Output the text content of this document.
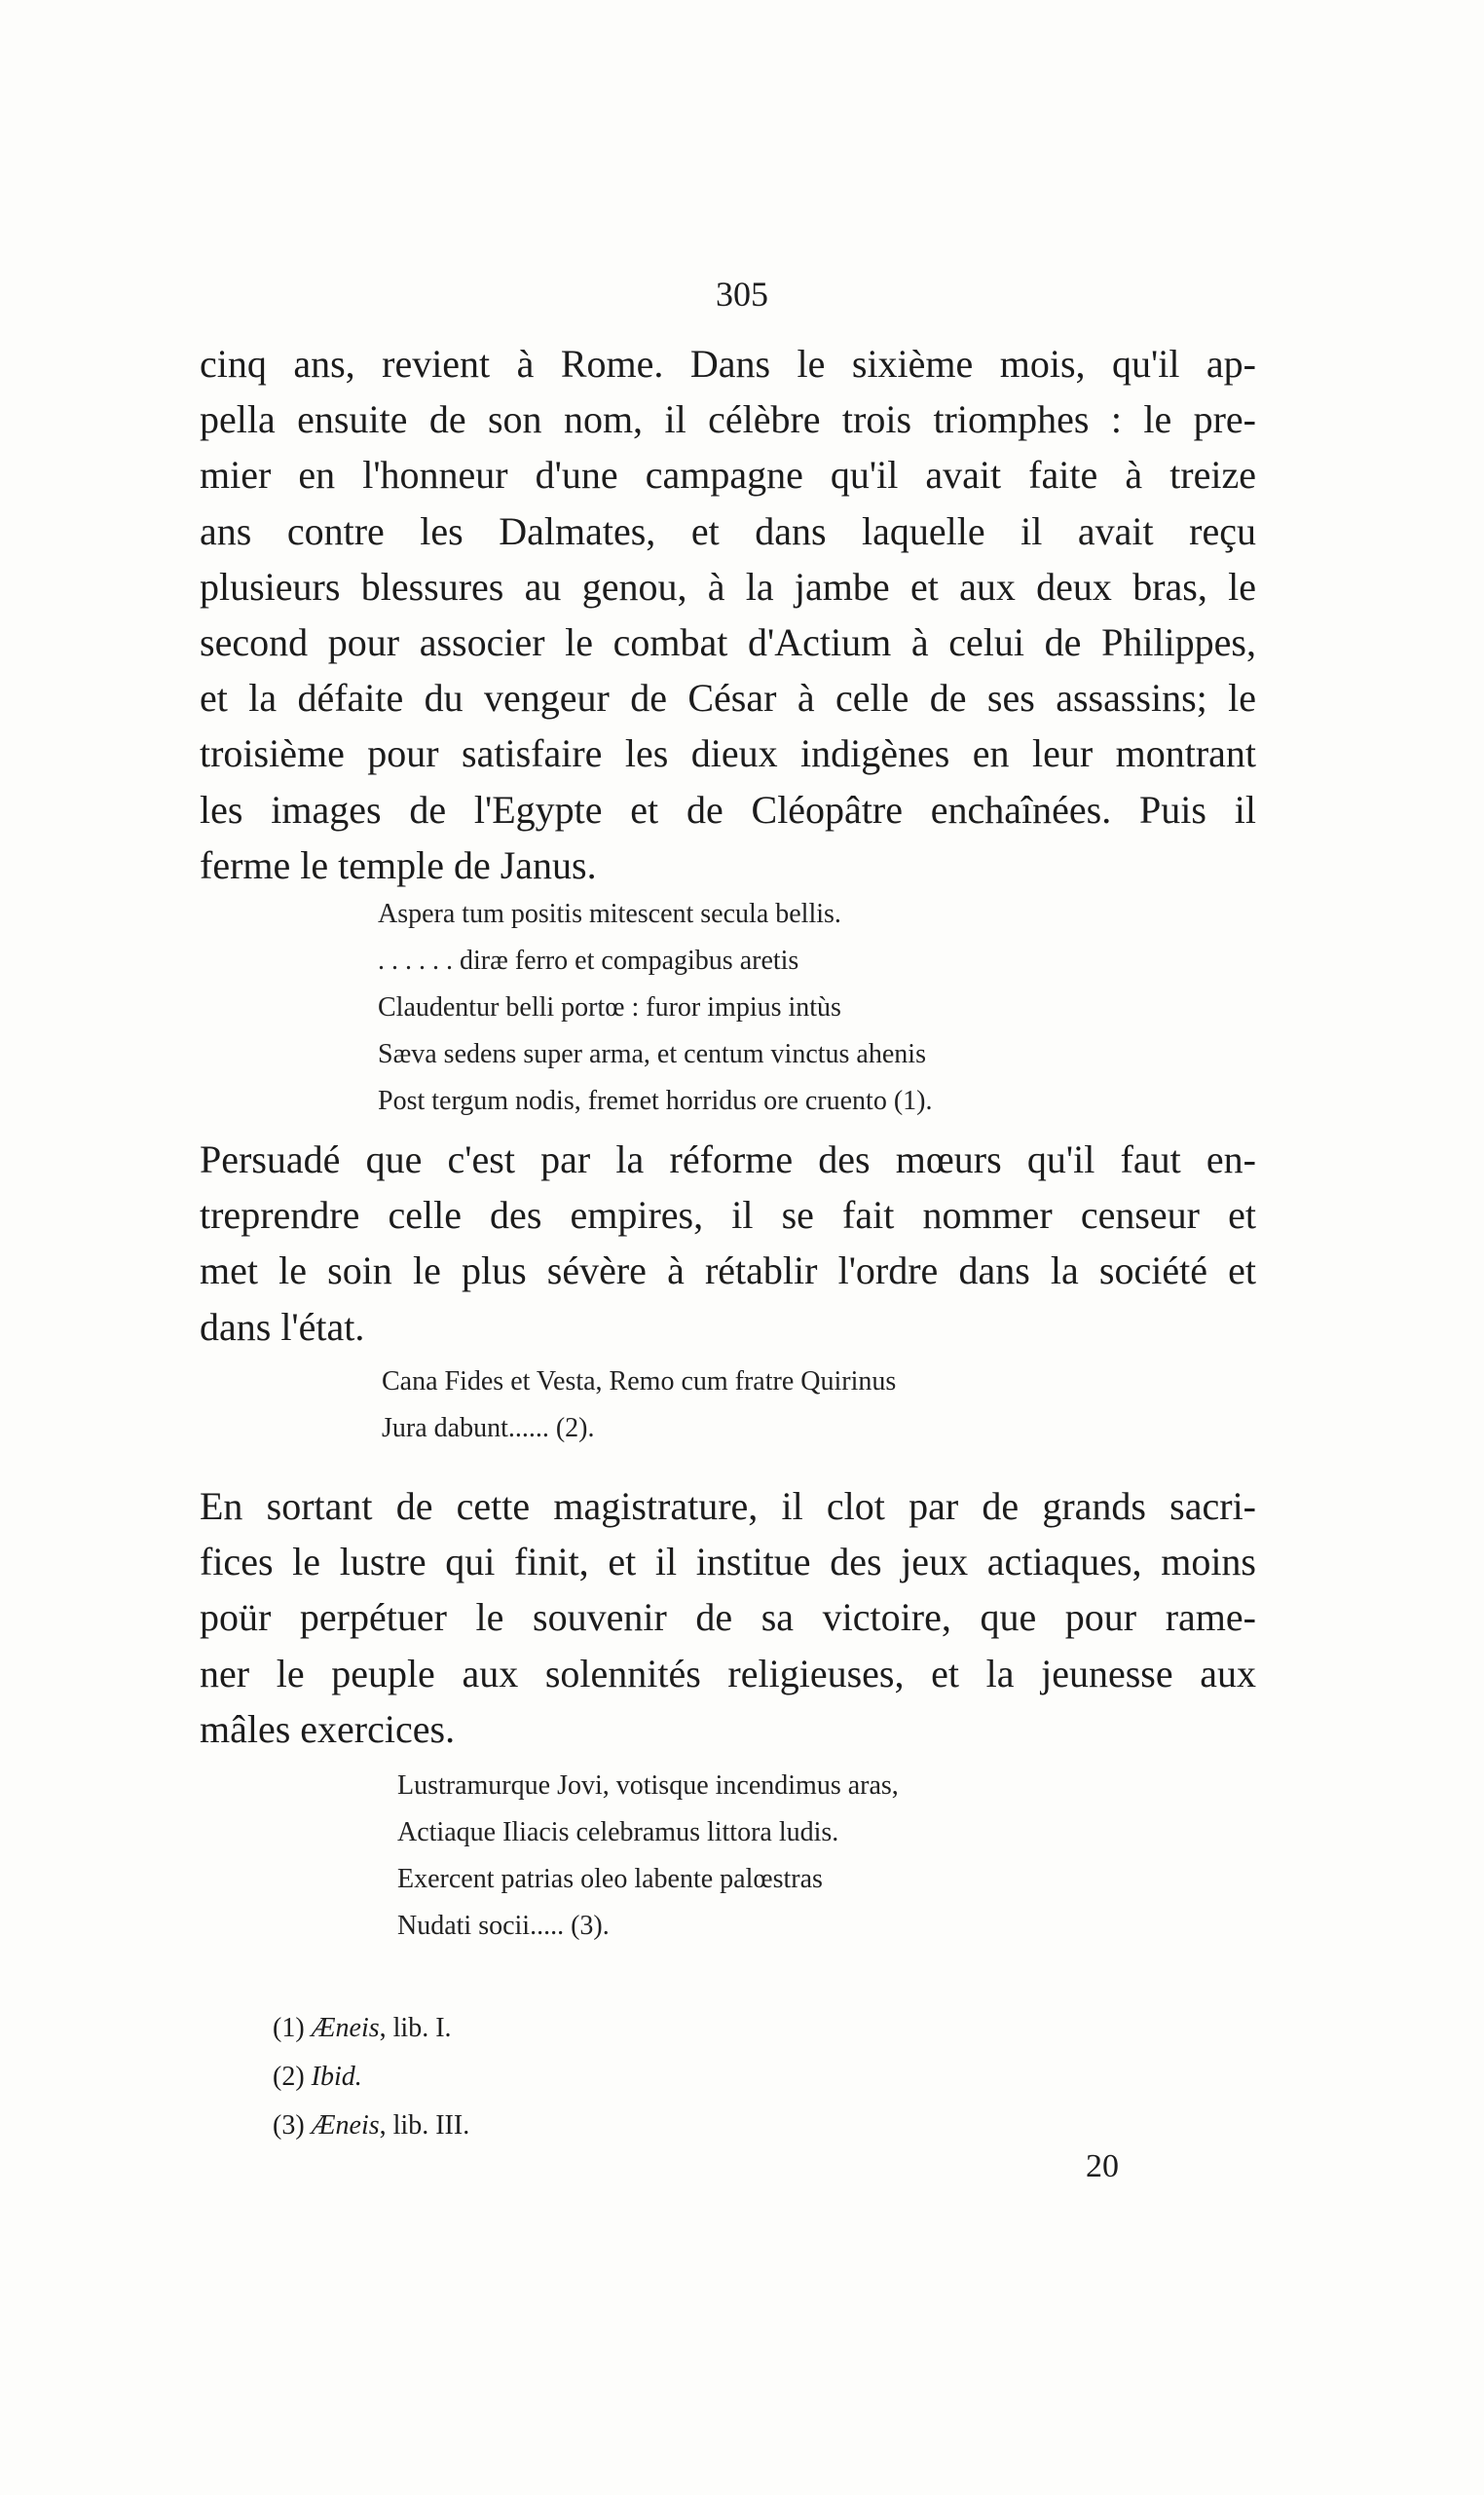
305
cinq ans, revient à Rome. Dans le sixième mois, qu'il ap-
pella ensuite de son nom, il célèbre trois triomphes : le pre-
mier en l'honneur d'une campagne qu'il avait faite à treize
ans contre les Dalmates, et dans laquelle il avait reçu
plusieurs blessures au genou, à la jambe et aux deux bras, le
second pour associer le combat d'Actium à celui de Philippes,
et la défaite du vengeur de César à celle de ses assassins; le
troisième pour satisfaire les dieux indigènes en leur montrant
les images de l'Egypte et de Cléopâtre enchaînées. Puis il
ferme le temple de Janus.
Aspera tum positis mitescent secula bellis.
. . . . . . diræ ferro et compagibus aretis
Claudentur belli portœ : furor impius intùs
Sæva sedens super arma, et centum vinctus ahenis
Post tergum nodis, fremet horridus ore cruento (1).
Persuadé que c'est par la réforme des mœurs qu'il faut en-
treprendre celle des empires, il se fait nommer censeur et
met le soin le plus sévère à rétablir l'ordre dans la société et
dans l'état.
Cana Fides et Vesta, Remo cum fratre Quirinus
Jura dabunt...... (2).
En sortant de cette magistrature, il clot par de grands sacri-
fices le lustre qui finit, et il institue des jeux actiaques, moins
poür perpétuer le souvenir de sa victoire, que pour rame-
ner le peuple aux solennités religieuses, et la jeunesse aux
mâles exercices.
Lustramurque Jovi, votisque incendimus aras,
Actiaque Iliacis celebramus littora ludis.
Exercent patrias oleo labente palœstras
Nudati socii..... (3).
(1) Æneis, lib. I.
(2) Ibid.
(3) Æneis, lib. III.
20
